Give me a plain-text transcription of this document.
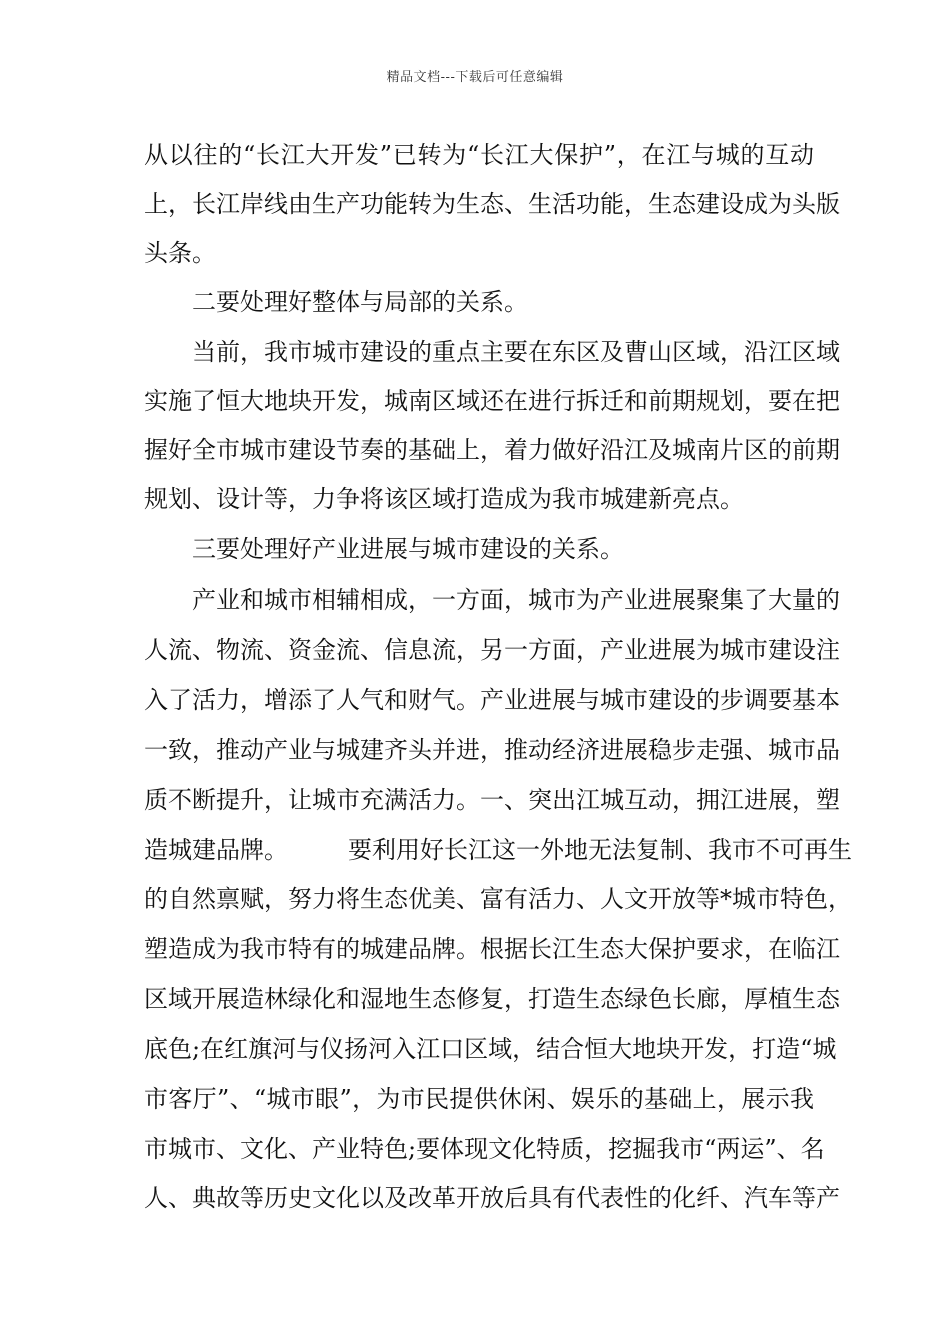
精品文档---下载后可任意编辑
从以往的“长江大开发”已转为“长江大保护”，在江与城的互动
上，长江岸线由生产功能转为生态、生活功能，生态建设成为头版
头条。
　　二要处理好整体与局部的关系。
　　当前，我市城市建设的重点主要在东区及曹山区域，沿江区域
实施了恒大地块开发，城南区域还在进行拆迁和前期规划，要在把
握好全市城市建设节奏的基础上，着力做好沿江及城南片区的前期
规划、设计等，力争将该区域打造成为我市城建新亮点。
　　三要处理好产业进展与城市建设的关系。
　　产业和城市相辅相成，一方面，城市为产业进展聚集了大量的
人流、物流、资金流、信息流，另一方面，产业进展为城市建设注
入了活力，增添了人气和财气。产业进展与城市建设的步调要基本
一致，推动产业与城建齐头并进，推动经济进展稳步走强、城市品
质不断提升，让城市充满活力。一、突出江城互动，拥江进展，塑
造城建品牌。　　　要利用好长江这一外地无法复制、我市不可再生
的自然禀赋，努力将生态优美、富有活力、人文开放等*城市特色，
塑造成为我市特有的城建品牌。根据长江生态大保护要求，在临江
区域开展造林绿化和湿地生态修复，打造生态绿色长廊，厚植生态
底色;在红旗河与仪扬河入江口区域，结合恒大地块开发，打造“城
市客厅”、“城市眼”，为市民提供休闲、娱乐的基础上，展示我
市城市、文化、产业特色;要体现文化特质，挖掘我市“两运”、名
人、典故等历史文化以及改革开放后具有代表性的化纤、汽车等产
